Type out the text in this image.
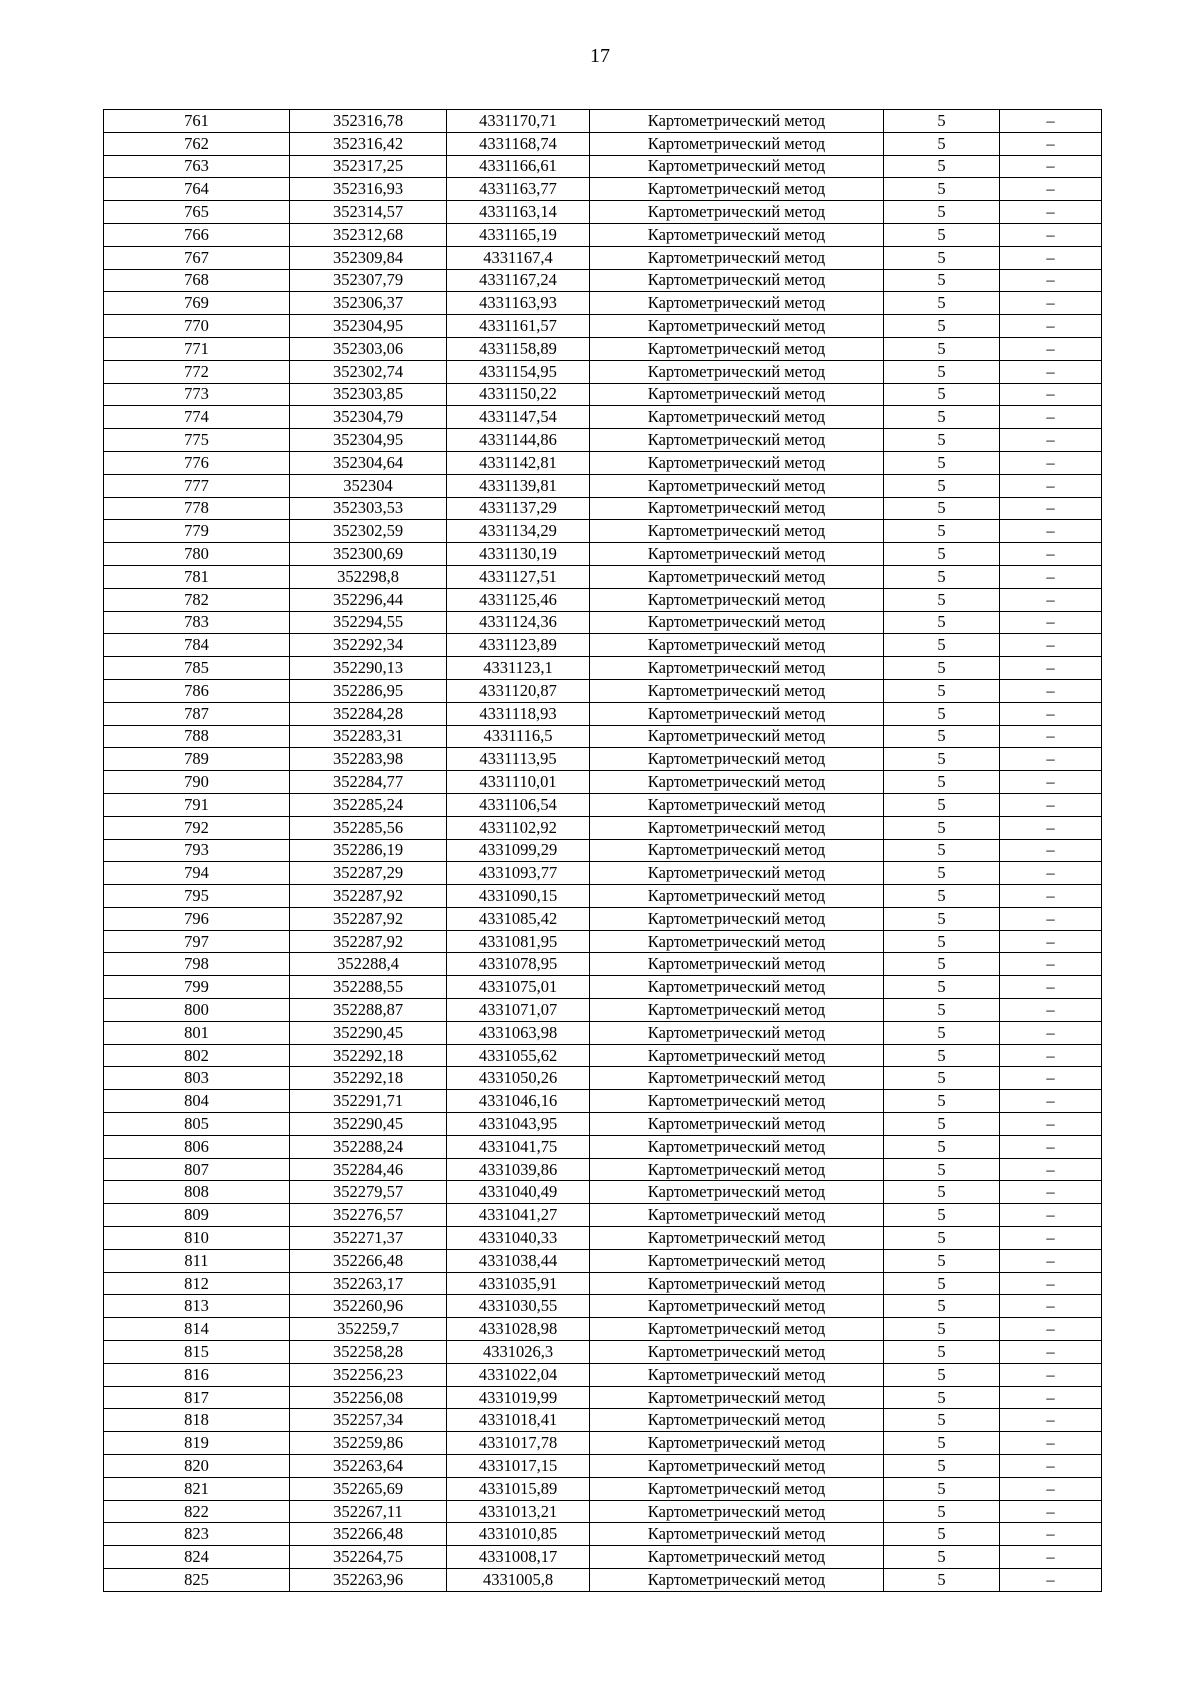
17
761	352316,78	4331170,71	Картометрический метод	5	–
762	352316,42	4331168,74	Картометрический метод	5	–
763	352317,25	4331166,61	Картометрический метод	5	–
764	352316,93	4331163,77	Картометрический метод	5	–
765	352314,57	4331163,14	Картометрический метод	5	–
766	352312,68	4331165,19	Картометрический метод	5	–
767	352309,84	4331167,4	Картометрический метод	5	–
768	352307,79	4331167,24	Картометрический метод	5	–
769	352306,37	4331163,93	Картометрический метод	5	–
770	352304,95	4331161,57	Картометрический метод	5	–
771	352303,06	4331158,89	Картометрический метод	5	–
772	352302,74	4331154,95	Картометрический метод	5	–
773	352303,85	4331150,22	Картометрический метод	5	–
774	352304,79	4331147,54	Картометрический метод	5	–
775	352304,95	4331144,86	Картометрический метод	5	–
776	352304,64	4331142,81	Картометрический метод	5	–
777	352304	4331139,81	Картометрический метод	5	–
778	352303,53	4331137,29	Картометрический метод	5	–
779	352302,59	4331134,29	Картометрический метод	5	–
780	352300,69	4331130,19	Картометрический метод	5	–
781	352298,8	4331127,51	Картометрический метод	5	–
782	352296,44	4331125,46	Картометрический метод	5	–
783	352294,55	4331124,36	Картометрический метод	5	–
784	352292,34	4331123,89	Картометрический метод	5	–
785	352290,13	4331123,1	Картометрический метод	5	–
786	352286,95	4331120,87	Картометрический метод	5	–
787	352284,28	4331118,93	Картометрический метод	5	–
788	352283,31	4331116,5	Картометрический метод	5	–
789	352283,98	4331113,95	Картометрический метод	5	–
790	352284,77	4331110,01	Картометрический метод	5	–
791	352285,24	4331106,54	Картометрический метод	5	–
792	352285,56	4331102,92	Картометрический метод	5	–
793	352286,19	4331099,29	Картометрический метод	5	–
794	352287,29	4331093,77	Картометрический метод	5	–
795	352287,92	4331090,15	Картометрический метод	5	–
796	352287,92	4331085,42	Картометрический метод	5	–
797	352287,92	4331081,95	Картометрический метод	5	–
798	352288,4	4331078,95	Картометрический метод	5	–
799	352288,55	4331075,01	Картометрический метод	5	–
800	352288,87	4331071,07	Картометрический метод	5	–
801	352290,45	4331063,98	Картометрический метод	5	–
802	352292,18	4331055,62	Картометрический метод	5	–
803	352292,18	4331050,26	Картометрический метод	5	–
804	352291,71	4331046,16	Картометрический метод	5	–
805	352290,45	4331043,95	Картометрический метод	5	–
806	352288,24	4331041,75	Картометрический метод	5	–
807	352284,46	4331039,86	Картометрический метод	5	–
808	352279,57	4331040,49	Картометрический метод	5	–
809	352276,57	4331041,27	Картометрический метод	5	–
810	352271,37	4331040,33	Картометрический метод	5	–
811	352266,48	4331038,44	Картометрический метод	5	–
812	352263,17	4331035,91	Картометрический метод	5	–
813	352260,96	4331030,55	Картометрический метод	5	–
814	352259,7	4331028,98	Картометрический метод	5	–
815	352258,28	4331026,3	Картометрический метод	5	–
816	352256,23	4331022,04	Картометрический метод	5	–
817	352256,08	4331019,99	Картометрический метод	5	–
818	352257,34	4331018,41	Картометрический метод	5	–
819	352259,86	4331017,78	Картометрический метод	5	–
820	352263,64	4331017,15	Картометрический метод	5	–
821	352265,69	4331015,89	Картометрический метод	5	–
822	352267,11	4331013,21	Картометрический метод	5	–
823	352266,48	4331010,85	Картометрический метод	5	–
824	352264,75	4331008,17	Картометрический метод	5	–
825	352263,96	4331005,8	Картометрический метод	5	–
